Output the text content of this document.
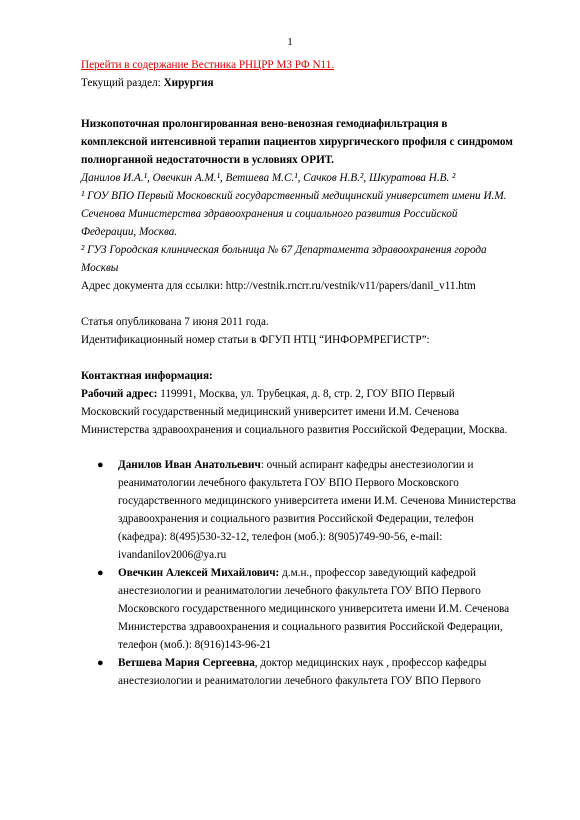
1
Перейти в содержание Вестника РНЦРР МЗ РФ N11.
Текущий раздел: Хирургия
Низкопоточная пролонгированная вено-венозная гемодиафильтрация в
комплексной интенсивной терапии пациентов хирургического профиля с синдромом
полиорганной недостаточности в условиях ОРИТ.
Данилов И.А.¹, Овечкин А.М.¹, Ветшева М.С.¹, Сачков Н.В.², Шкуратова Н.В. ²
¹ ГОУ ВПО Первый Московский государственный медицинский университет имени И.М.
Сеченова Министерства здравоохранения и социального развития Российской
Федерации, Москва.
² ГУЗ Городская клиническая больница № 67 Департамента здравоохранения города
Москвы
Адрес документа для ссылки: http://vestnik.rncrr.ru/vestnik/v11/papers/danil_v11.htm
Статья опубликована 7 июня 2011 года.
Идентификационный номер статьи в ФГУП НТЦ “ИНФОРМРЕГИСТР”:
Контактная информация:
Рабочий адрес: 119991, Москва, ул. Трубецкая, д. 8, стр. 2, ГОУ ВПО Первый
Московский государственный медицинский университет имени И.М. Сеченова
Министерства здравоохранения и социального развития Российской Федерации, Москва.
● Данилов Иван Анатольевич: очный аспирант кафедры анестезиологии и
реаниматологии лечебного факультета ГОУ ВПО Первого Московского
государственного медицинского университета имени И.М. Сеченова Министерства
здравоохранения и социального развития Российской Федерации, телефон
(кафедра): 8(495)530-32-12, телефон (моб.): 8(905)749-90-56, e-mail:
ivandanilov2006@ya.ru
● Овечкин Алексей Михайлович: д.м.н., профессор заведующий кафедрой
анестезиологии и реаниматологии лечебного факультета ГОУ ВПО Первого
Московского государственного медицинского университета имени И.М. Сеченова
Министерства здравоохранения и социального развития Российской Федерации,
телефон (моб.): 8(916)143-96-21
● Ветшева Мария Сергеевна, доктор медицинских наук , профессор кафедры
анестезиологии и реаниматологии лечебного факультета ГОУ ВПО Первого
